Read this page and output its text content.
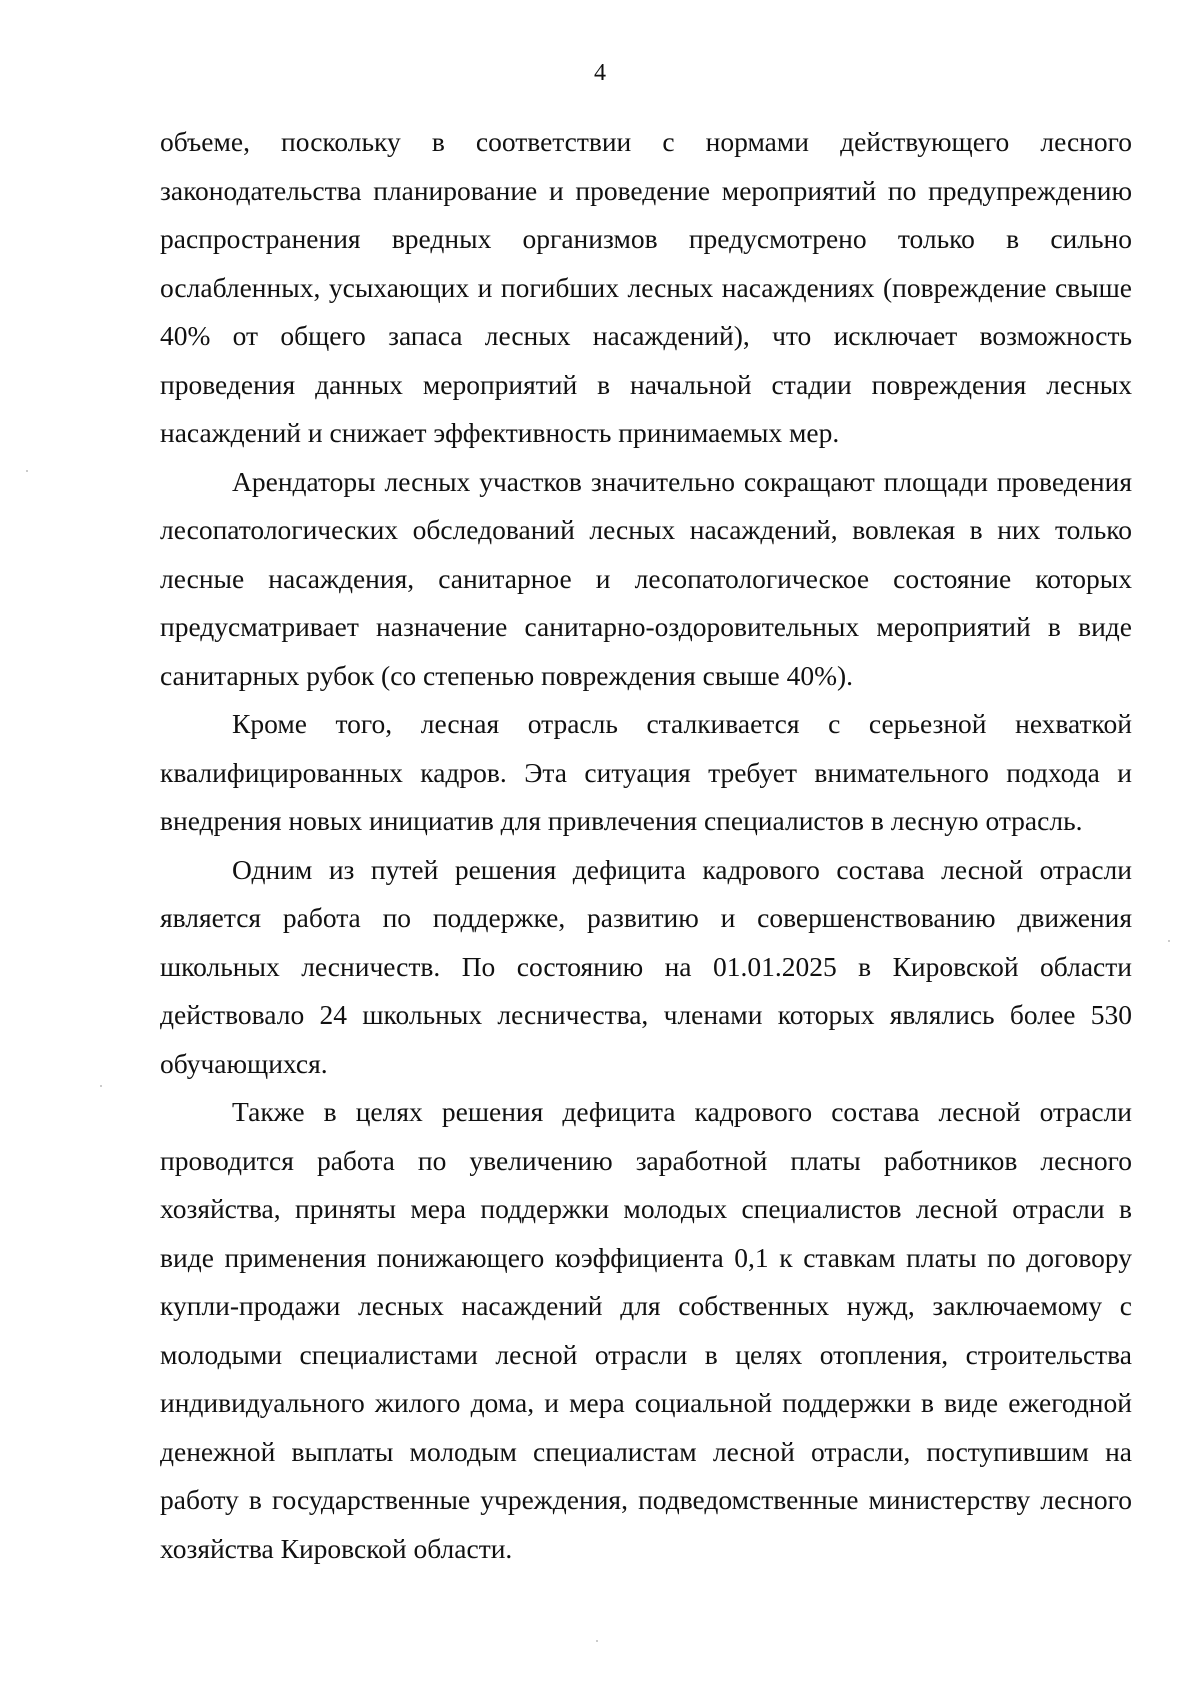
4

объеме, поскольку в соответствии с нормами действующего лесного законодательства планирование и проведение мероприятий по предупреждению распространения вредных организмов предусмотрено только в сильно ослабленных, усыхающих и погибших лесных насаждениях (повреждение свыше 40% от общего запаса лесных насаждений), что исключает возможность проведения данных мероприятий в начальной стадии повреждения лесных насаждений и снижает эффективность принимаемых мер.

Арендаторы лесных участков значительно сокращают площади проведения лесопатологических обследований лесных насаждений, вовлекая в них только лесные насаждения, санитарное и лесопатологическое состояние которых предусматривает назначение санитарно-оздоровительных мероприятий в виде санитарных рубок (со степенью повреждения свыше 40%).

Кроме того, лесная отрасль сталкивается с серьезной нехваткой квалифицированных кадров. Эта ситуация требует внимательного подхода и внедрения новых инициатив для привлечения специалистов в лесную отрасль.

Одним из путей решения дефицита кадрового состава лесной отрасли является работа по поддержке, развитию и совершенствованию движения школьных лесничеств. По состоянию на 01.01.2025 в Кировской области действовало 24 школьных лесничества, членами которых являлись более 530 обучающихся.

Также в целях решения дефицита кадрового состава лесной отрасли проводится работа по увеличению заработной платы работников лесного хозяйства, приняты мера поддержки молодых специалистов лесной отрасли в виде применения понижающего коэффициента 0,1 к ставкам платы по договору купли-продажи лесных насаждений для собственных нужд, заключаемому с молодыми специалистами лесной отрасли в целях отопления, строительства индивидуального жилого дома, и мера социальной поддержки в виде ежегодной денежной выплаты молодым специалистам лесной отрасли, поступившим на работу в государственные учреждения, подведомственные министерству лесного хозяйства Кировской области.
